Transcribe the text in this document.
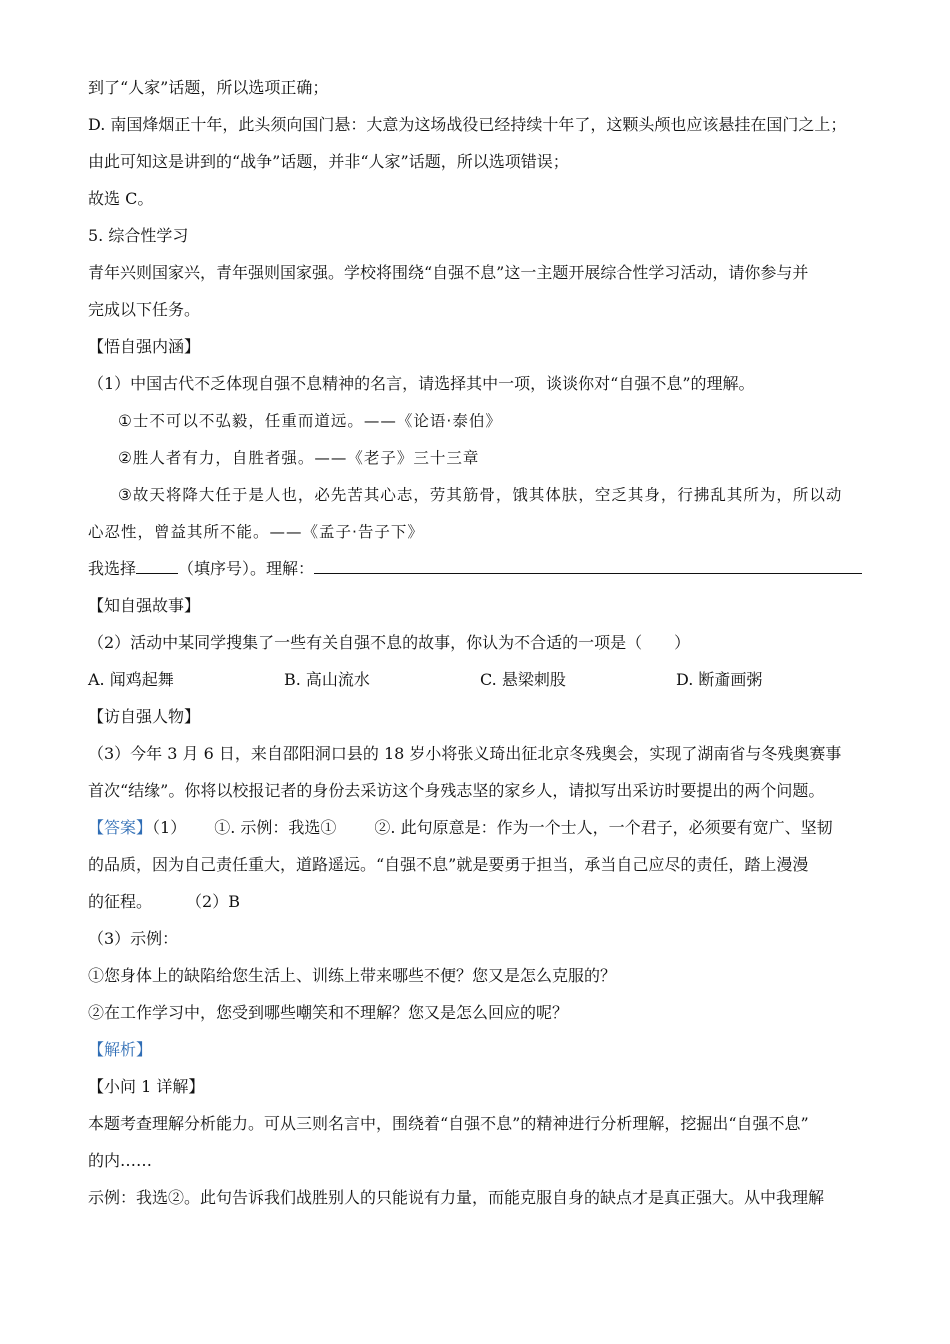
到了“人家”话题，所以选项正确；
D. 南国烽烟正十年，此头须向国门悬：大意为这场战役已经持续十年了，这颗头颅也应该悬挂在国门之上；
由此可知这是讲到的“战争”话题，并非“人家”话题，所以选项错误；
故选 C。
5. 综合性学习
青年兴则国家兴，青年强则国家强。学校将围绕“自强不息”这一主题开展综合性学习活动，请你参与并
完成以下任务。
【悟自强内涵】
（1）中国古代不乏体现自强不息精神的名言，请选择其中一项，谈谈你对“自强不息”的理解。
①士不可以不弘毅，任重而道远。——《论语·泰伯》
②胜人者有力，自胜者强。——《老子》三十三章
③故天将降大任于是人也，必先苦其心志，劳其筋骨，饿其体肤，空乏其身，行拂乱其所为，所以动
心忍性，曾益其所不能。——《孟子·告子下》
我选择	（填序号）。理解：
【知自强故事】
（2）活动中某同学搜集了一些有关自强不息的故事，你认为不合适的一项是（　　）
A. 闻鸡起舞	B. 高山流水	C. 悬梁刺股	D. 断齑画粥
【访自强人物】
（3）今年 3 月 6 日，来自邵阳洞口县的 18 岁小将张义琦出征北京冬残奥会，实现了湖南省与冬残奥赛事
首次“结缘”。你将以校报记者的身份去采访这个身残志坚的家乡人，请拟写出采访时要提出的两个问题。
【答案】（1） ①. 示例：我选① ②. 此句原意是：作为一个士人，一个君子，必须要有宽广、坚韧
的品质，因为自己责任重大，道路遥远。“自强不息”就是要勇于担当，承当自己应尽的责任，踏上漫漫
的征程。 （2）B
（3）示例：
①您身体上的缺陷给您生活上、训练上带来哪些不便？您又是怎么克服的？
②在工作学习中，您受到哪些嘲笑和不理解？您又是怎么回应的呢？
【解析】
【小问 1 详解】
本题考查理解分析能力。可从三则名言中，围绕着“自强不息”的精神进行分析理解，挖掘出“自强不息”
的内……
示例：我选②。此句告诉我们战胜别人的只能说有力量，而能克服自身的缺点才是真正强大。从中我理解
